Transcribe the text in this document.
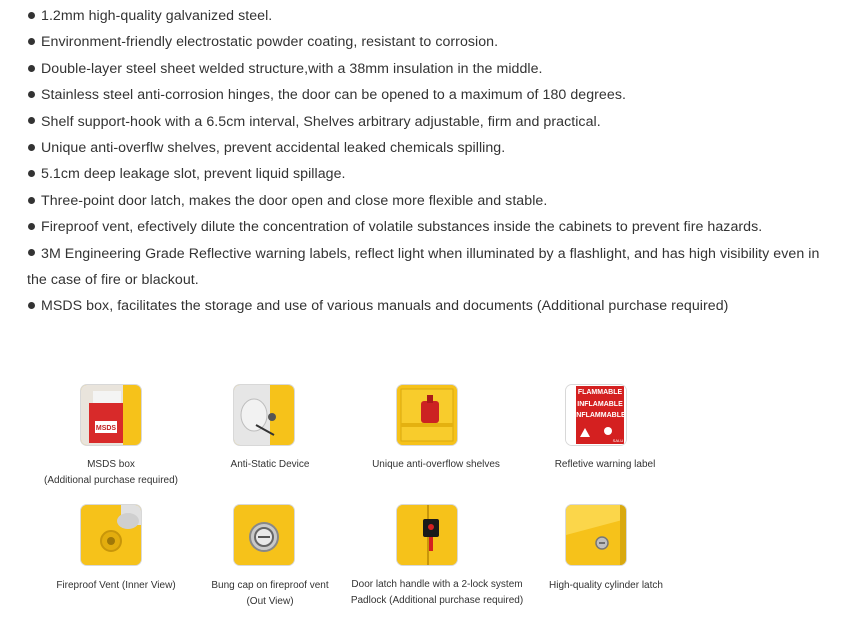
1.2mm high-quality galvanized steel.
Environment-friendly electrostatic powder coating, resistant to corrosion.
Double-layer steel sheet welded structure,with a 38mm insulation in the middle.
Stainless steel anti-corrosion hinges, the door can be opened to a maximum of 180 degrees.
Shelf support-hook with a 6.5cm interval, Shelves arbitrary adjustable, firm and practical.
Unique anti-overflw shelves, prevent accidental leaked chemicals spilling.
5.1cm deep leakage slot, prevent liquid spillage.
Three-point door latch, makes the door open and close more flexible and stable.
Fireproof vent, efectively dilute the concentration of volatile substances inside the cabinets to prevent fire hazards.
3M Engineering Grade Reflective warning labels, reflect light when illuminated by a flashlight, and has high visibility even in the case of fire or blackout.
MSDS box, facilitates the storage and use of various manuals and documents (Additional purchase required)
MSDS
FLAMMABLE
INFLAMABLE
INFLAMMABLE
SAI-U
MSDS box
(Additional purchase required)
Anti-Static Device	Unique anti-overflow shelves	Refletive warning label
Fireproof Vent (Inner View)	Bung cap on fireproof vent
(Out View)
Door latch handle with a 2-lock system
Padlock (Additional purchase required)
High-quality cylinder latch
